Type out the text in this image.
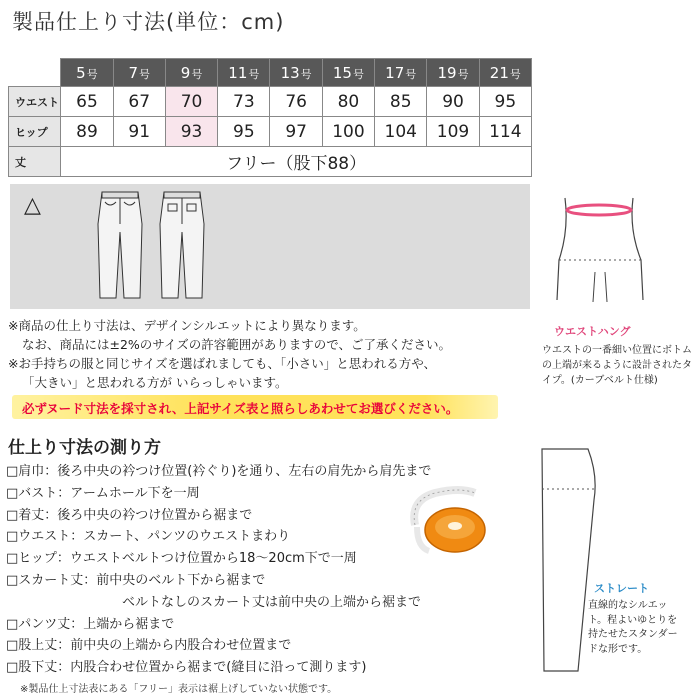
製品仕上り寸法(単位：cm)
	5号	7号	9号	11号	13号	15号	17号	19号	21号
ウエスト	65	67	70	73	76	80	85	90	95
ヒップ	89	91	93	95	97	100	104	109	114
丈	フリー（股下88）								
△

※商品の仕上り寸法は、デザインシルエットにより異なります。

なお、商品には±2%のサイズの許容範囲がありますので、ご了承ください。

※お手持ちの服と同じサイズを選ばれましても、「小さい」と思われる方や、

「大きい」と思われる方が いらっしゃいます。

必ずヌード寸法を採寸され、上記サイズ表と照らしあわせてお選びください。
仕上り寸法の測り方
□肩巾：後ろ中央の衿つけ位置(衿ぐり)を通り、左右の肩先から肩先まで
□バスト：アームホール下を一周
□着丈：後ろ中央の衿つけ位置から裾まで
□ウエスト：スカート、パンツのウエストまわり
□ヒップ：ウエストベルトつけ位置から18～20cm下で一周
□スカート丈：前中央のベルト下から裾まで
ベルトなしのスカート丈は前中央の上端から裾まで
□パンツ丈：上端から裾まで
□股上丈：前中央の上端から内股合わせ位置まで
□股下丈：内股合わせ位置から裾まで(縫目に沿って測ります)
※製品仕上寸法表にある「フリー」表示は裾上げしていない状態です。
ウエストハング
ウエストの一番細い位置にボトムの上端が来るように設計されたタイプ。(カーブベルト仕様)
ストレート
直線的なシルエット。程よいゆとりを持たせたスタンダードな形です。
